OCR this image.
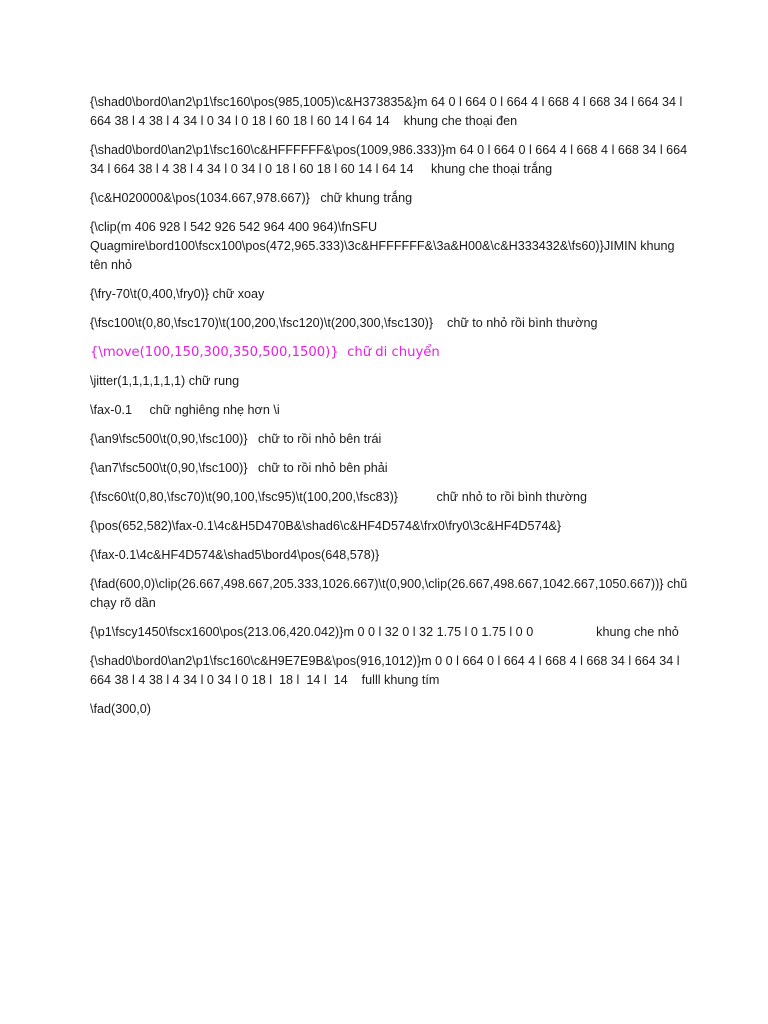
{\shad0\bord0\an2\p1\fsc160\pos(985,1005)\c&H373835&}m 64 0 l 664 0 l 664 4 l 668 4 l 668 34 l 664 34 l 664 38 l 4 38 l 4 34 l 0 34 l 0 18 l 60 18 l 60 14 l 64 14    khung che thoại đen

{\shad0\bord0\an2\p1\fsc160\c&HFFFFFF&\pos(1009,986.333)}m 64 0 l 664 0 l 664 4 l 668 4 l 668 34 l 664 34 l 664 38 l 4 38 l 4 34 l 0 34 l 0 18 l 60 18 l 60 14 l 64 14     khung che thoại trắng

{\c&H020000&\pos(1034.667,978.667)}   chữ khung trắng

{\clip(m 406 928 l 542 926 542 964 400 964)\fnSFU Quagmire\bord100\fscx100\pos(472,965.333)\3c&HFFFFFF&\3a&H00&\c&H333432&\fs60)}JIMIN khung tên nhỏ

{\fry-70\t(0,400,\fry0)} chữ xoay

{\fsc100\t(0,80,\fsc170)\t(100,200,\fsc120)\t(200,300,\fsc130)}    chữ to nhỏ rồi bình thường

{\move(100,150,300,350,500,1500)}  chữ di chuyển

\jitter(1,1,1,1,1,1) chữ rung

\fax-0.1     chữ nghiêng nhẹ hơn \i

{\an9\fsc500\t(0,90,\fsc100)}   chữ to rồi nhỏ bên trái

{\an7\fsc500\t(0,90,\fsc100)}   chữ to rồi nhỏ bên phải

{\fsc60\t(0,80,\fsc70)\t(90,100,\fsc95)\t(100,200,\fsc83)}           chữ nhỏ to rồi bình thường

{\pos(652,582)\fax-0.1\4c&H5D470B&\shad6\c&HF4D574&\frx0\fry0\3c&HF4D574&}

{\fax-0.1\4c&HF4D574&\shad5\bord4\pos(648,578)}

{\fad(600,0)\clip(26.667,498.667,205.333,1026.667)\t(0,900,\clip(26.667,498.667,1042.667,1050.667))} chũ chạy rõ dần

{\p1\fscy1450\fscx1600\pos(213.06,420.042)}m 0 0 l 32 0 l 32 1.75 l 0 1.75 l 0 0                  khung che nhỏ

{\shad0\bord0\an2\p1\fsc160\c&H9E7E9B&\pos(916,1012)}m 0 0 l 664 0 l 664 4 l 668 4 l 668 34 l 664 34 l 664 38 l 4 38 l 4 34 l 0 34 l 0 18 l  18 l  14 l  14    fulll khung tím

\fad(300,0)
